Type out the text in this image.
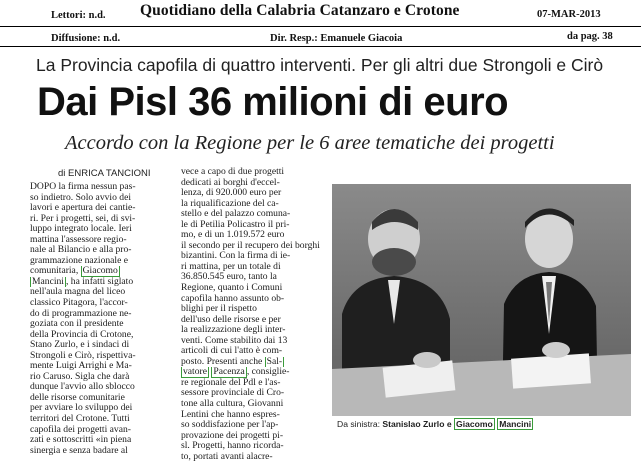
Lettori: n.d. Quotidiano della Calabria Catanzaro e Crotone	07-MAR-2013
Diffusione: n.d.	Dir. Resp.: Emanuele Giacoia	da pag. 38
La Provincia capofila di quattro interventi. Per gli altri due Strongoli e Cirò
Dai Pisl 36 milioni di euro
Accordo con la Regione per le 6 aree tematiche dei progetti
di ENRICA TANCIONI
DOPO la firma nessun pas-
so indietro. Solo avvio dei
lavori e apertura dei cantie-
ri. Per i progetti, sei, di svi-
luppo integrato locale. Ieri
mattina l'assessore regio-
nale al Bilancio e alla pro-
grammazione nazionale e
comunitaria, Giacomo
Mancini , ha infatti siglato
nell'aula magna del liceo
classico Pitagora, l'accor-
do di programmazione ne-
goziata con il presidente
della Provincia di Crotone,
Stano Zurlo, e i sindaci di
Strongoli e Cirò, rispettiva-
mente Luigi Arrighi e Ma-
rio Caruso. Sigla che darà
dunque l'avvio allo sblocco
delle risorse comunitarie
per avviare lo sviluppo dei
territori del Crotone. Tutti
capofila dei progetti avan-
zati e sottoscritti «in piena
sinergia e senza badare al
vece a capo di due progetti
dedicati ai borghi d'eccel-
lenza, di 920.000 euro per
la riqualificazione del ca-
stello e del palazzo comuna-
le di Petilia Policastro il pri-
mo, e di un 1.019.572 euro
il secondo per il recupero dei borghi
bizantini. Con la firma di ie-
ri mattina, per un totale di
36.850.545 euro, tanto la
Regione, quanto i Comuni
capofila hanno assunto ob-
blighi per il rispetto
dell'uso delle risorse e per
la realizzazione degli inter-
venti. Come stabilito dai 13
articoli di cui l'atto è com-
posto. Presenti anche Sal-
vatore Pacenza , consiglie-
re regionale del Pdl e l'as-
sessore provinciale di Cro-
tone alla cultura, Giovanni
Lentini che hanno espres-
so soddisfazione per l'ap-
provazione dei progetti pi-
sl. Progetti, hanno ricorda-
to, portati avanti alacre-
Da sinistra: Stanislao Zurlo e Giacomo Mancini
